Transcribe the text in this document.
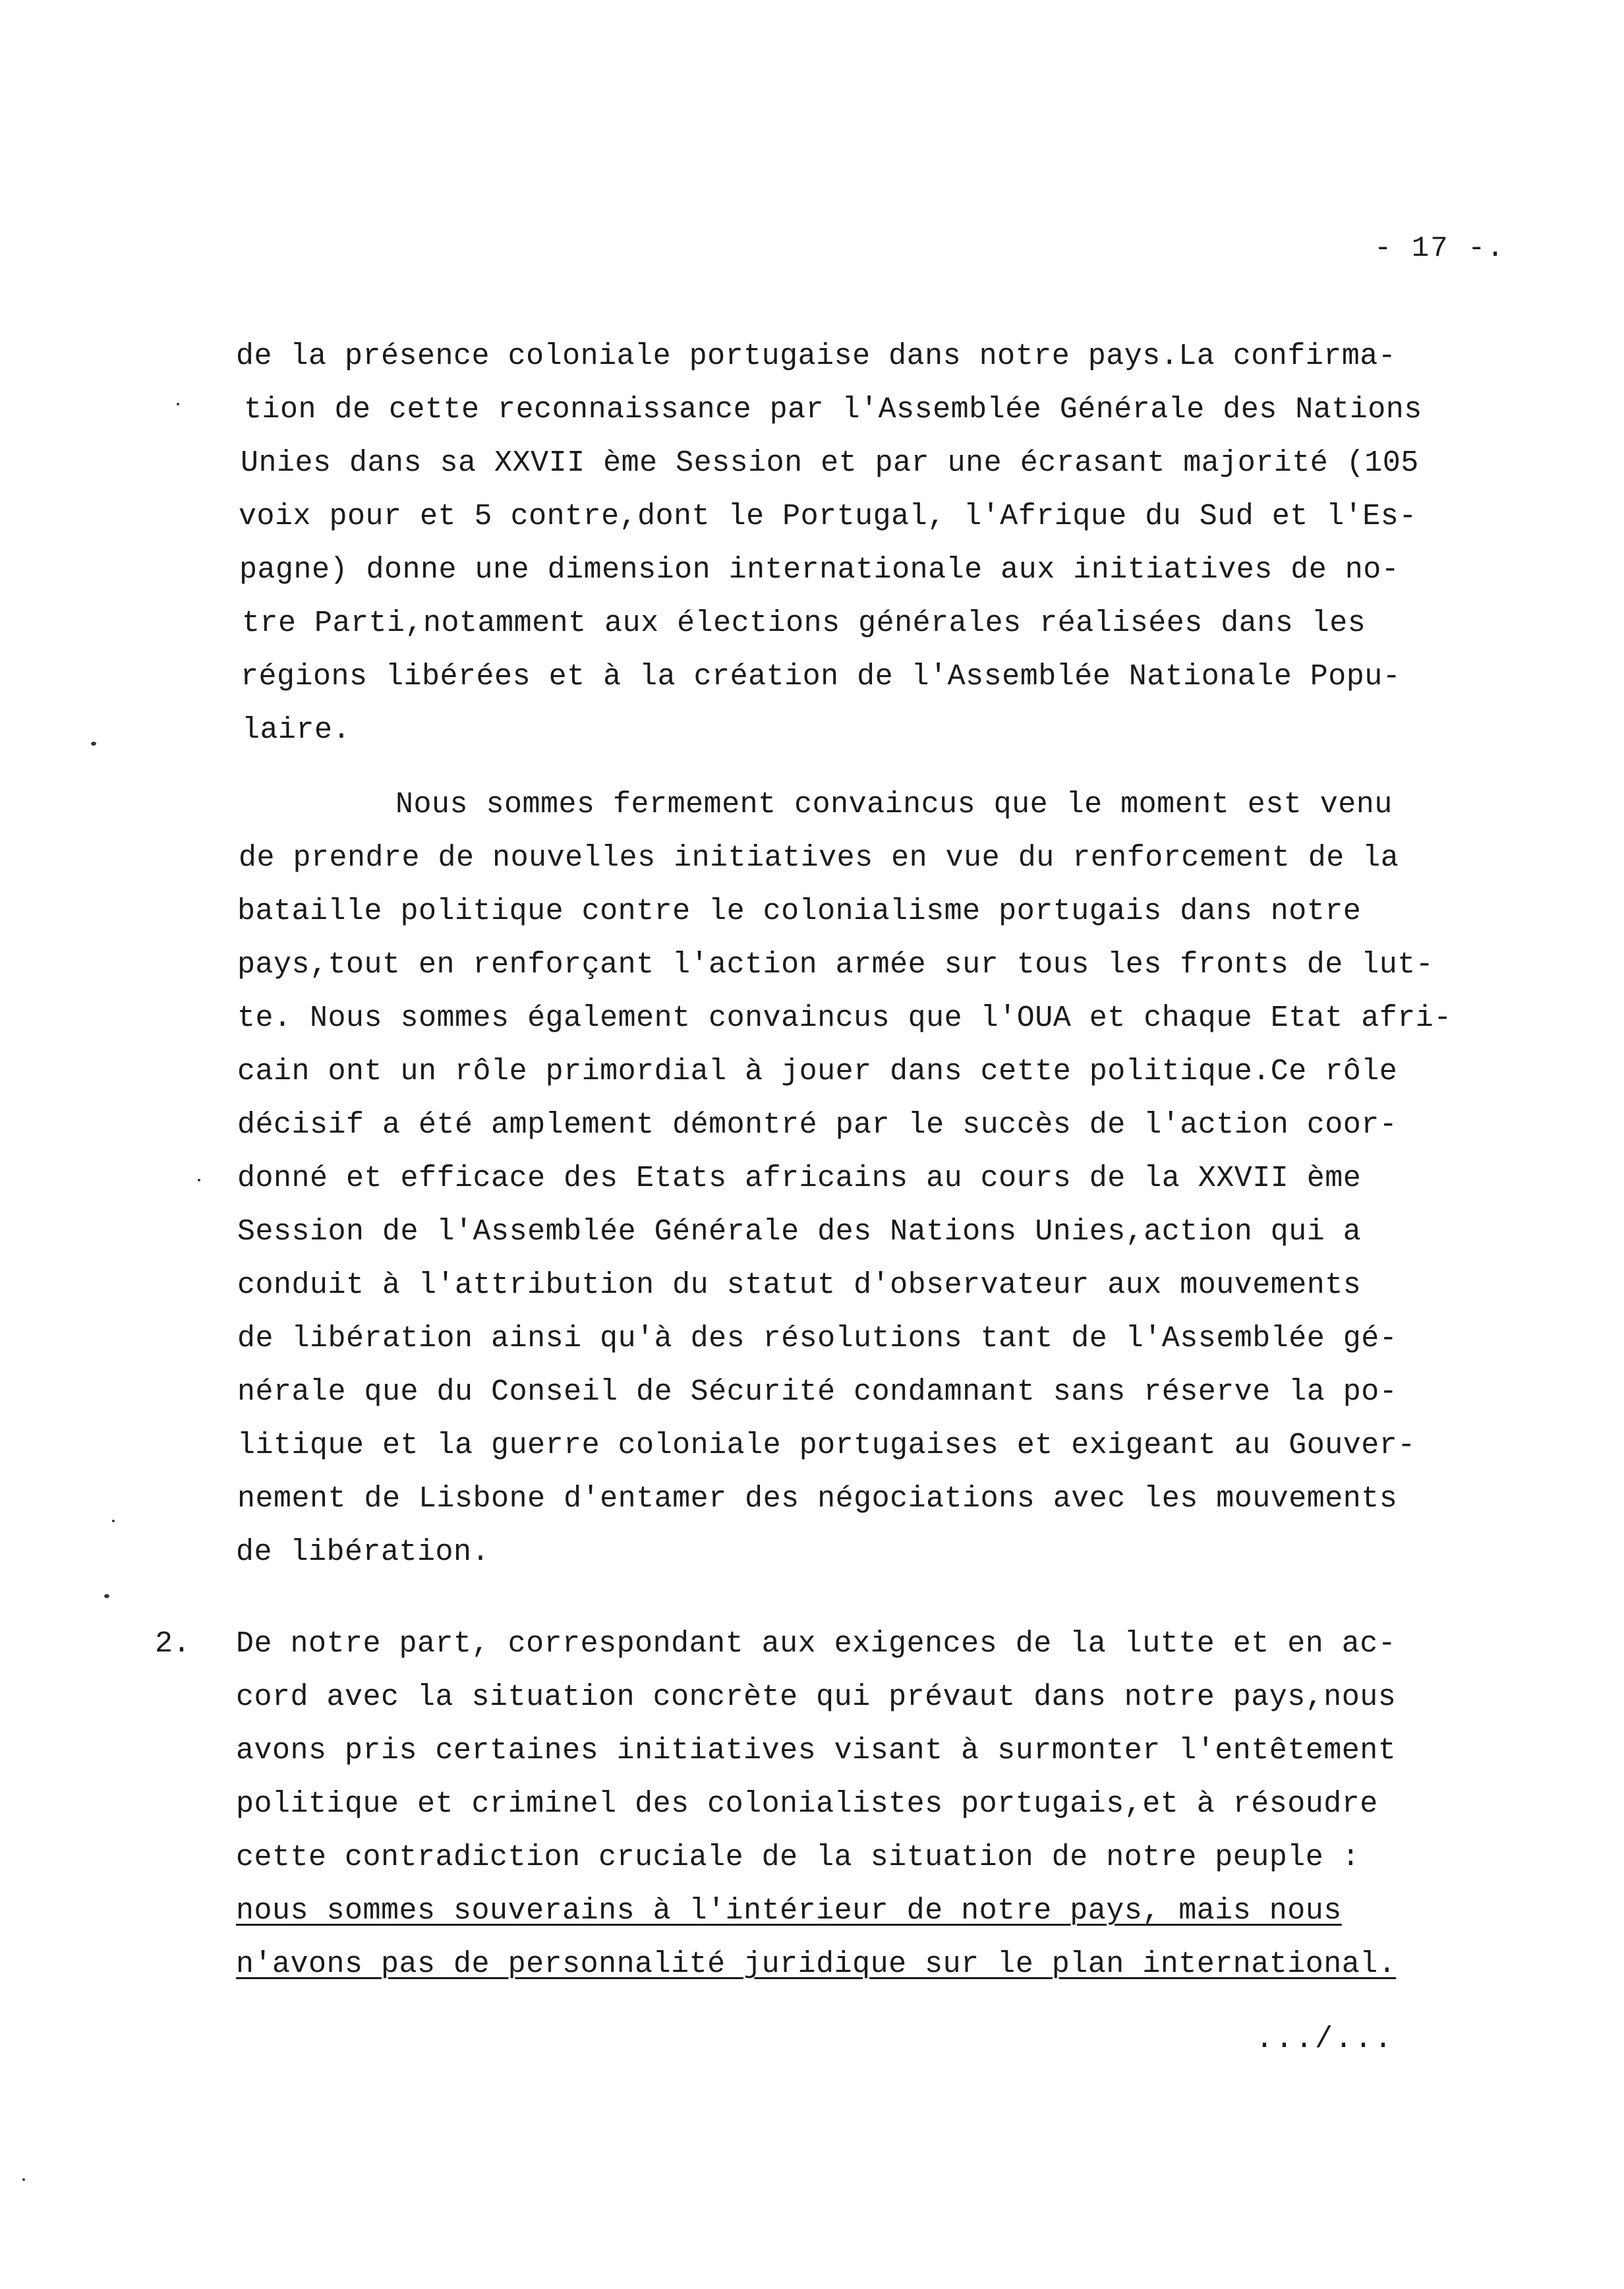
- 17 -.
de la présence coloniale portugaise dans notre pays.La confirma-
tion de cette reconnaissance par l'Assemblée Générale des Nations
Unies dans sa XXVII ème Session et par une écrasant majorité (105
voix pour et 5 contre,dont le Portugal, l'Afrique du Sud et l'Es-
pagne) donne une dimension internationale aux initiatives de no-
tre Parti,notamment aux élections générales réalisées dans les
régions libérées et à la création de l'Assemblée Nationale Popu-
laire.
Nous sommes fermement convaincus que le moment est venu
de prendre de nouvelles initiatives en vue du renforcement de la
bataille politique contre le colonialisme portugais dans notre
pays,tout en renforçant l'action armée sur tous les fronts de lut-
te. Nous sommes également convaincus que l'OUA et chaque Etat afri-
cain ont un rôle primordial à jouer dans cette politique.Ce rôle
décisif a été amplement démontré par le succès de l'action coor-
donné et efficace des Etats africains au cours de la XXVII ème
Session de l'Assemblée Générale des Nations Unies,action qui a
conduit à l'attribution du statut d'observateur aux mouvements
de libération ainsi qu'à des résolutions tant de l'Assemblée gé-
nérale que du Conseil de Sécurité condamnant sans réserve la po-
litique et la guerre coloniale portugaises et exigeant au Gouver-
nement de Lisbone d'entamer des négociations avec les mouvements
de libération.
2. De notre part, correspondant aux exigences de la lutte et en ac-
cord avec la situation concrète qui prévaut dans notre pays,nous
avons pris certaines initiatives visant à surmonter l'entêtement
politique et criminel des colonialistes portugais,et à résoudre
cette contradiction cruciale de la situation de notre peuple :
nous sommes souverains à l'intérieur de notre pays, mais nous
n'avons pas de personnalité juridique sur le plan international.
.../...
